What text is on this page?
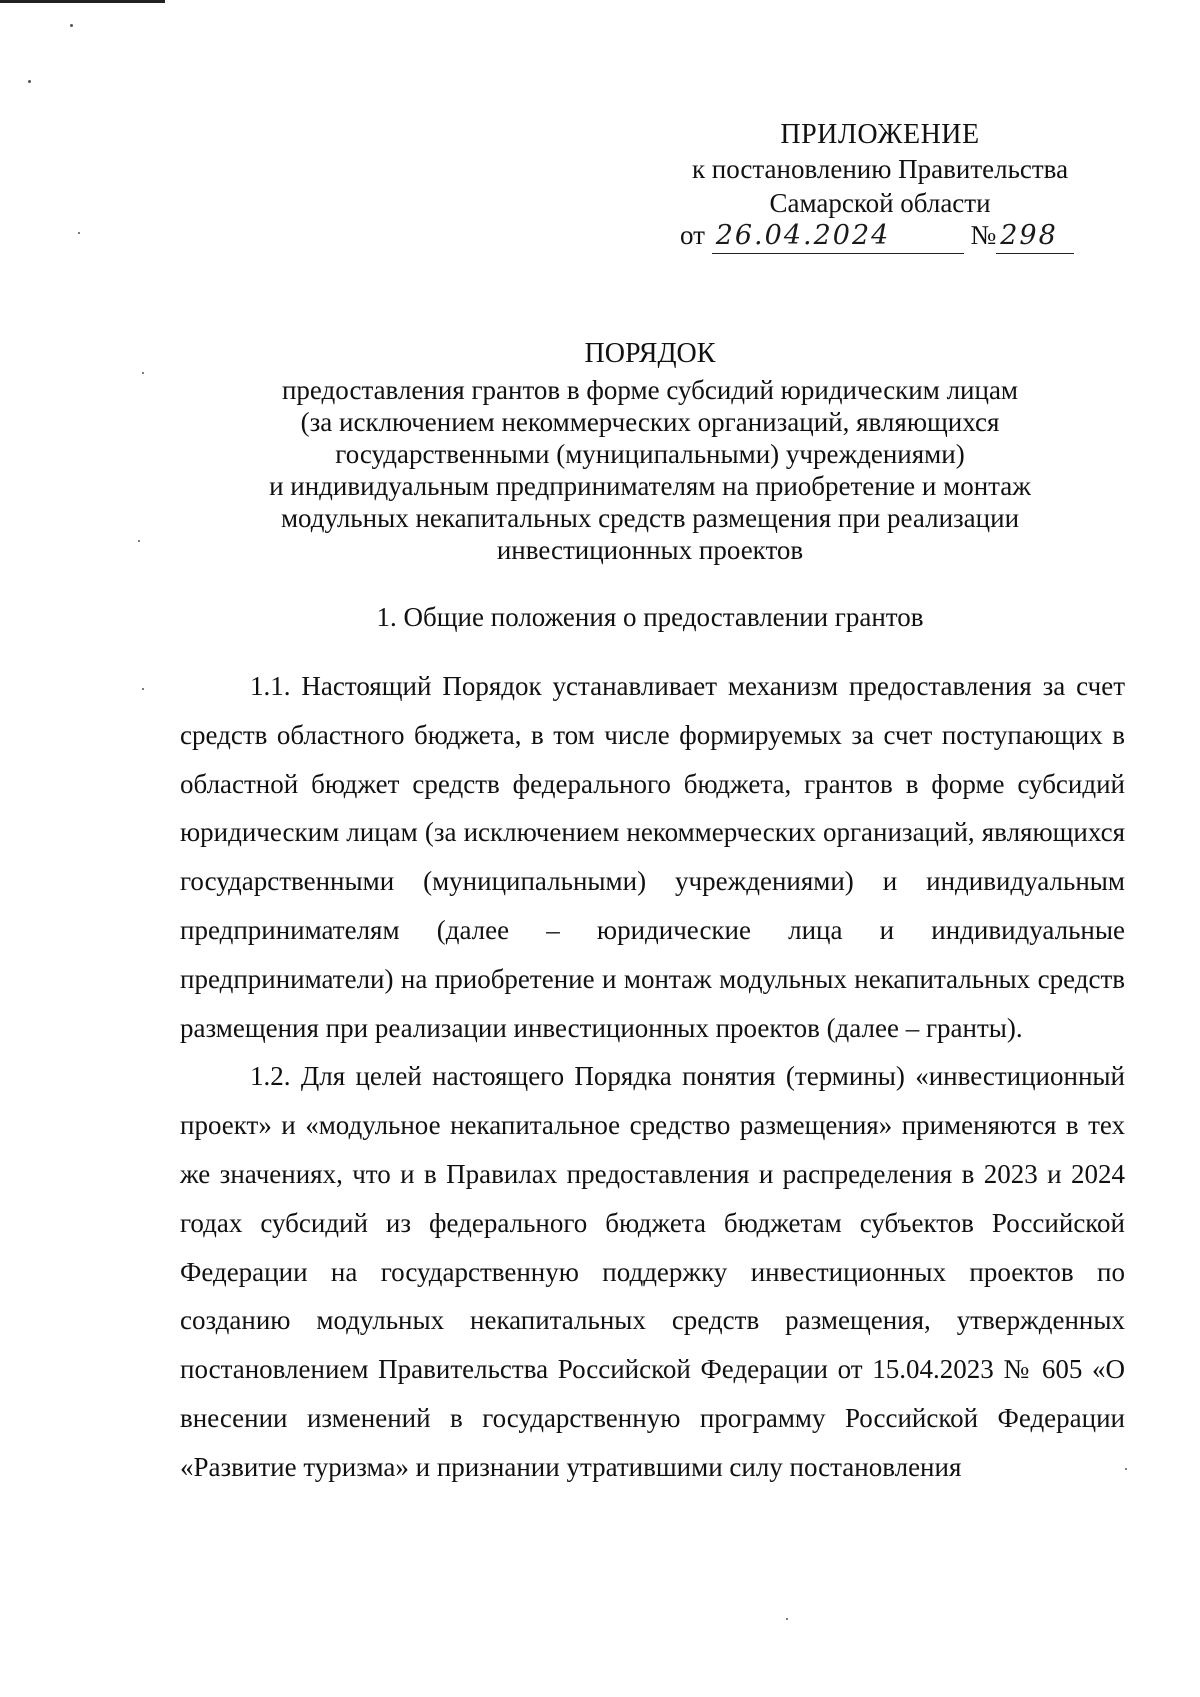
ПРИЛОЖЕНИЕ
к постановлению Правительства
Самарской области
от 26.04.2024	№ 298
ПОРЯДОК
предоставления грантов в форме субсидий юридическим лицам
(за исключением некоммерческих организаций, являющихся
государственными (муниципальными) учреждениями)
и индивидуальным предпринимателям на приобретение и монтаж
модульных некапитальных средств размещения при реализации
инвестиционных проектов
1. Общие положения о предоставлении грантов

1.1. Настоящий Порядок устанавливает механизм предоставления за счет средств областного бюджета, в том числе формируемых за счет поступающих в областной бюджет средств федерального бюджета, грантов в форме субсидий юридическим лицам (за исключением некоммерческих организаций, являющихся государственными (муниципальными) учреждениями) и индивидуальным предпринимателям (далее – юридические лица и индивидуальные предприниматели) на приобретение и монтаж модульных некапитальных средств размещения при реализации инвестиционных проектов (далее – гранты).

1.2. Для целей настоящего Порядка понятия (термины) «инвестиционный проект» и «модульное некапитальное средство размещения» применяются в тех же значениях, что и в Правилах предоставления и распределения в 2023 и 2024 годах субсидий из федерального бюджета бюджетам субъектов Российской Федерации на государственную поддержку инвестиционных проектов по созданию модульных некапитальных средств размещения, утвержденных постановлением Правительства Российской Федерации от 15.04.2023 № 605 «О внесении изменений в государственную программу Российской Федерации «Развитие туризма» и признании утратившими силу постановления
